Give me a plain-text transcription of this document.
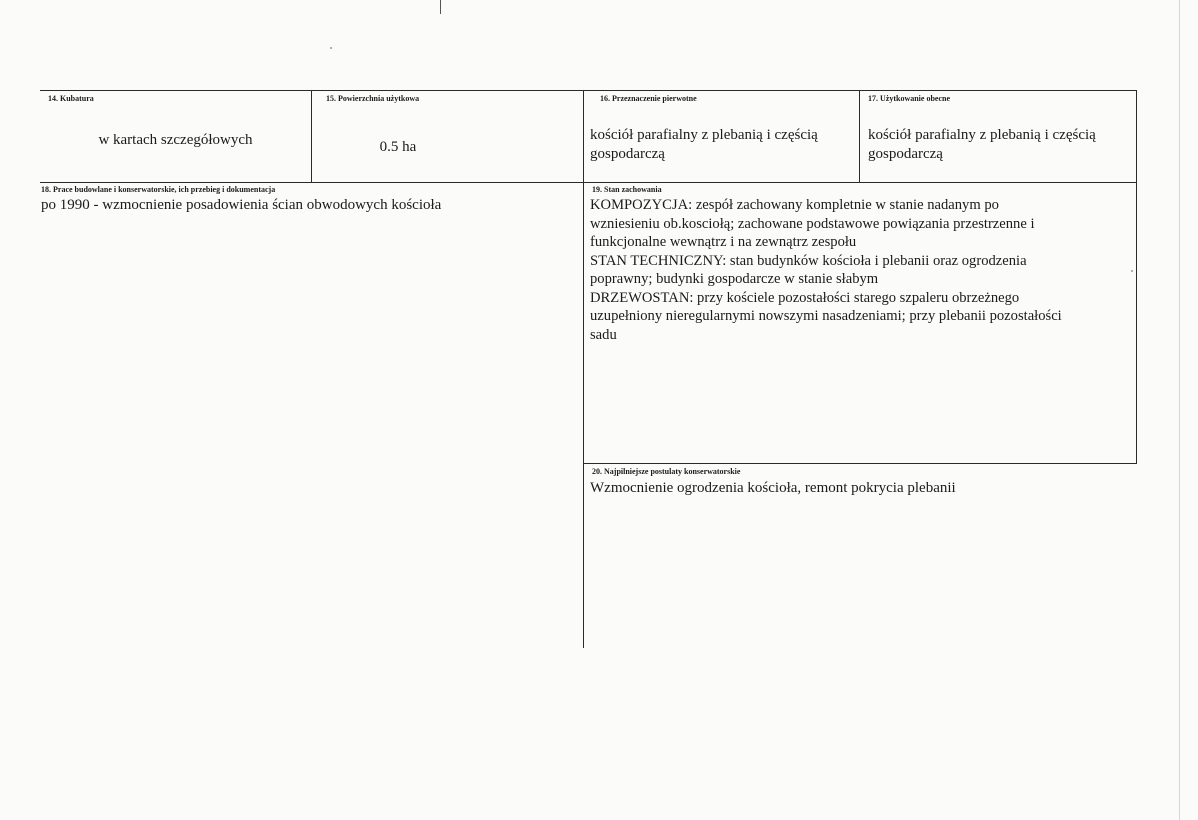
14. Kubatura
w kartach szczegółowych
15. Powierzchnia użytkowa
0.5 ha
16. Przeznaczenie pierwotne
kościół parafialny z plebanią i częścią gospodarczą
17. Użytkowanie obecne
kościół parafialny z plebanią i częścią gospodarczą
18. Prace budowlane i konserwatorskie, ich przebieg i dokumentacja
po 1990 - wzmocnienie posadowienia ścian obwodowych kościoła
19. Stan zachowania
KOMPOZYCJA: zespół zachowany kompletnie w stanie nadanym po
wzniesieniu ob.kosciołą; zachowane podstawowe powiązania przestrzenne i
funkcjonalne wewnątrz i na zewnątrz zespołu
STAN TECHNICZNY: stan budynków kościoła i plebanii oraz ogrodzenia
poprawny; budynki gospodarcze w stanie słabym
DRZEWOSTAN: przy kościele pozostałości starego szpaleru obrzeżnego
uzupełniony nieregularnymi nowszymi nasadzeniami; przy plebanii pozostałości
sadu
20. Najpilniejsze postulaty konserwatorskie
Wzmocnienie ogrodzenia kościoła, remont pokrycia plebanii
